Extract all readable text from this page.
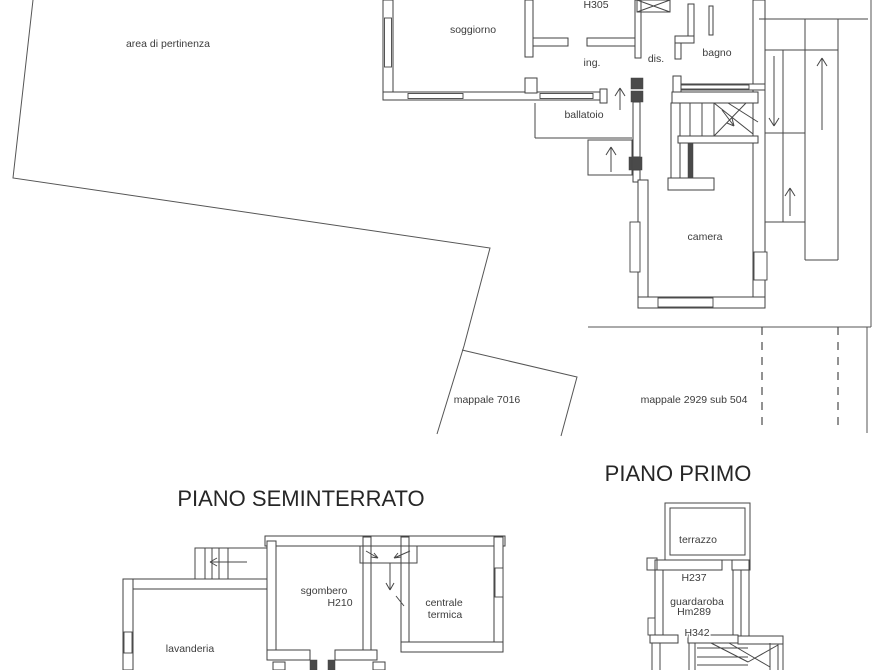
area di pertinenza
soggiorno
H305
ing.	dis.	bagno
ballatoio
camera
mappale 7016	mappale 2929 sub 504
PIANO SEMINTERRATO
lavanderia
sgombero
H210	centrale
termica
PIANO PRIMO
terrazzo
H237
guardaroba
Hm289
H342
